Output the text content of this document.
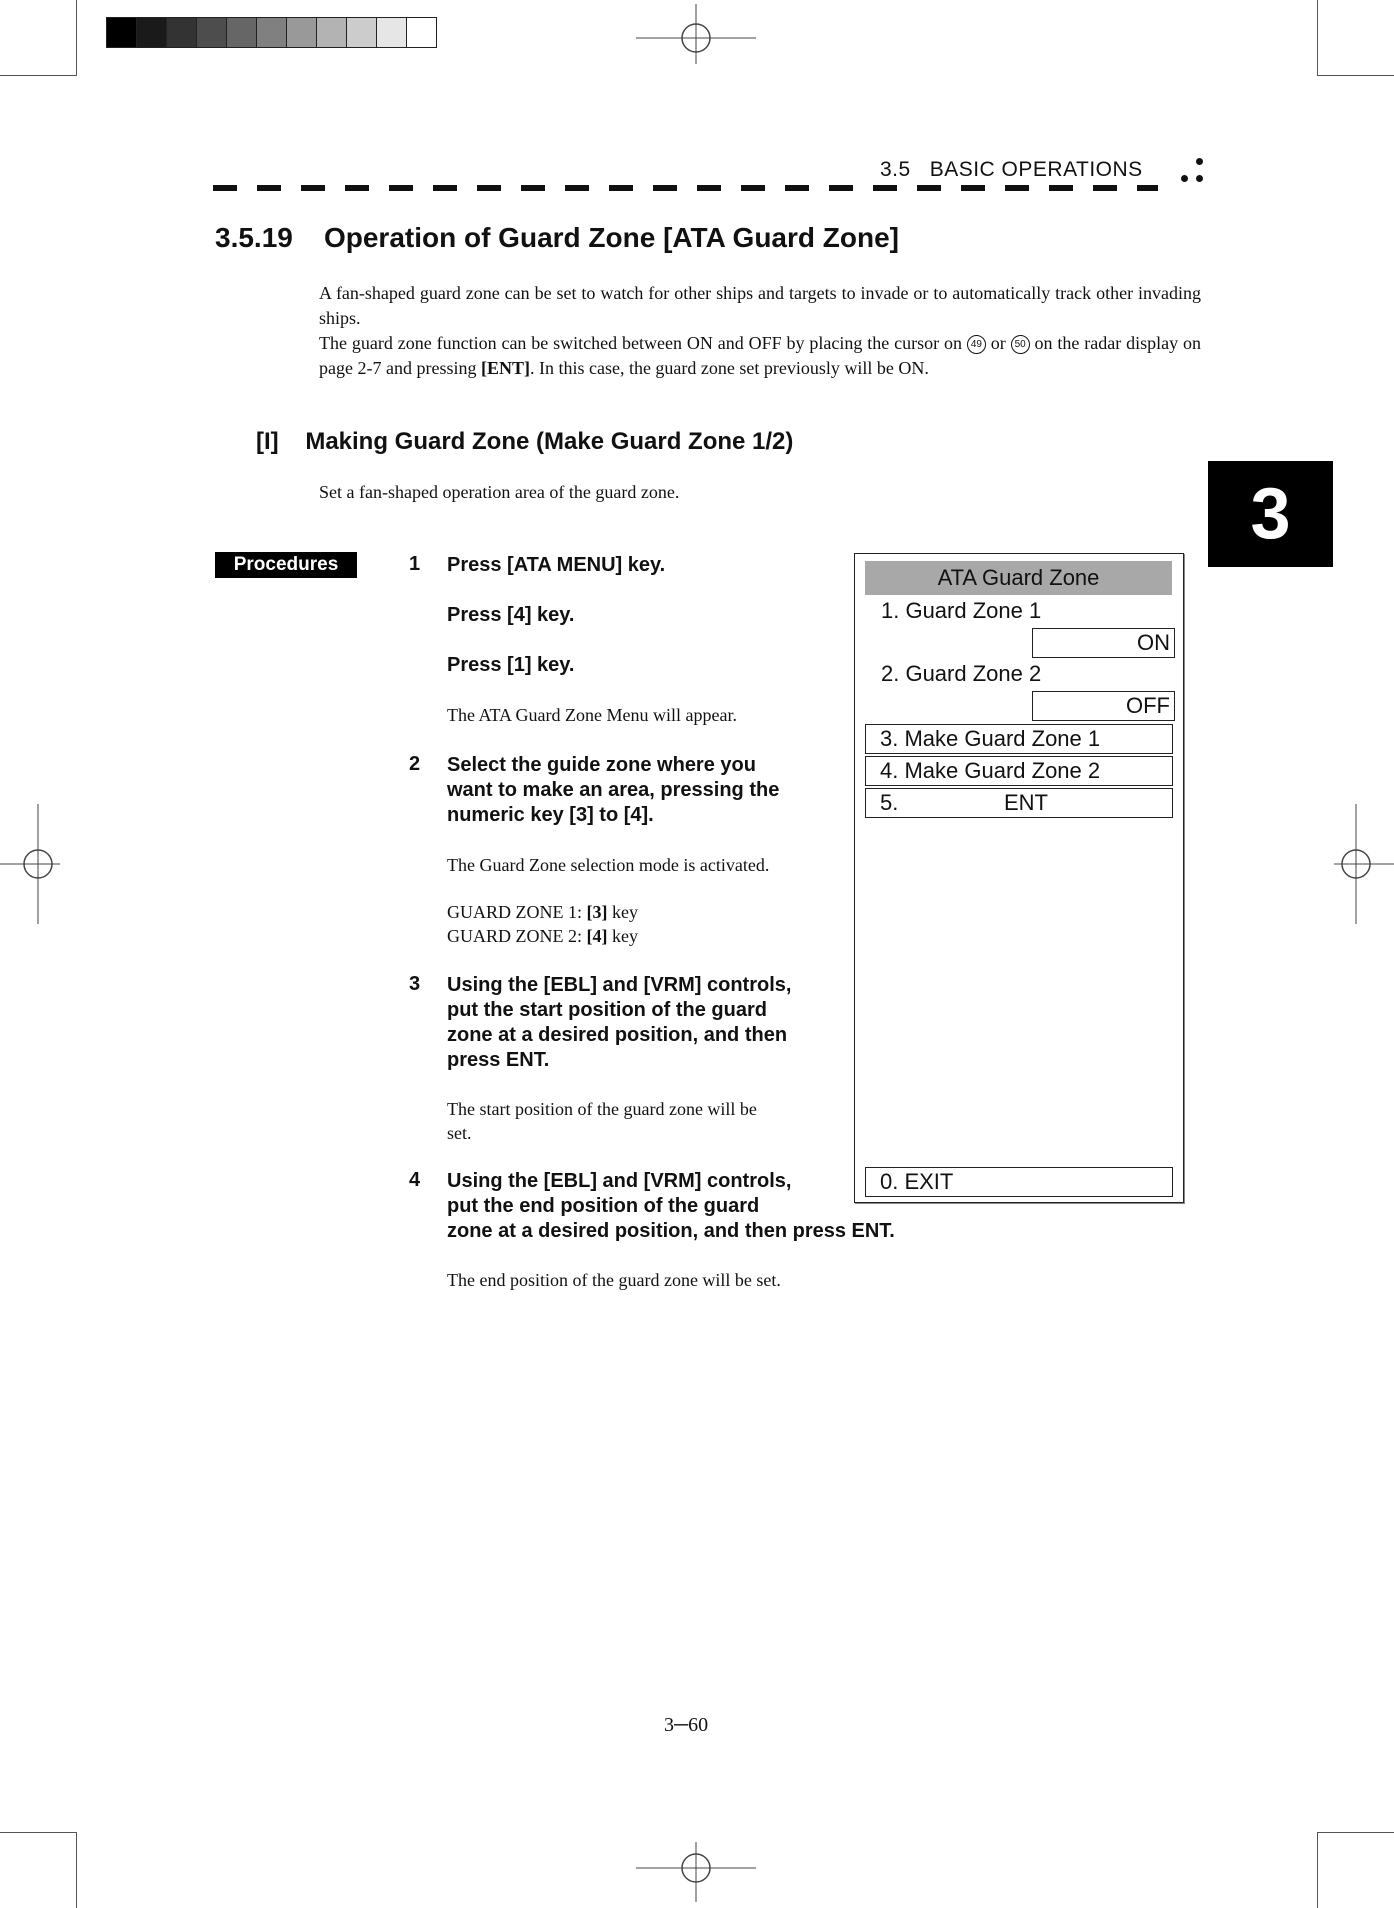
3.5   BASIC OPERATIONS
3.5.19    Operation of Guard Zone [ATA Guard Zone]
A fan-shaped guard zone can be set to watch for other ships and targets to invade or to automatically track other invading ships.
The guard zone function can be switched between ON and OFF by placing the cursor on 49 or 50 on the radar display on page 2-7 and pressing [ENT]. In this case, the guard zone set previously will be ON.
[I]    Making Guard Zone (Make Guard Zone 1/2)
Set a fan-shaped operation area of the guard zone.	3
Procedures	1 Press [ATA MENU] key.
Press [4] key.
Press [1] key.
The ATA Guard Zone Menu will appear.
2 Select the guide zone where you
want to make an area, pressing the
numeric key [3] to [4].
The Guard Zone selection mode is activated.
GUARD ZONE 1: [3] key
GUARD ZONE 2: [4] key
3 Using the [EBL] and [VRM] controls,
put the start position of the guard
zone at a desired position, and then
press ENT.
The start position of the guard zone will be
set.
4 Using the [EBL] and [VRM] controls,
put the end position of the guard
zone at a desired position, and then press ENT.
The end position of the guard zone will be set.
ATA Guard Zone
1. Guard Zone 1
ON
2. Guard Zone 2
OFF
3. Make Guard Zone 1
4. Make Guard Zone 2
5.	ENT
0. EXIT
3─60
